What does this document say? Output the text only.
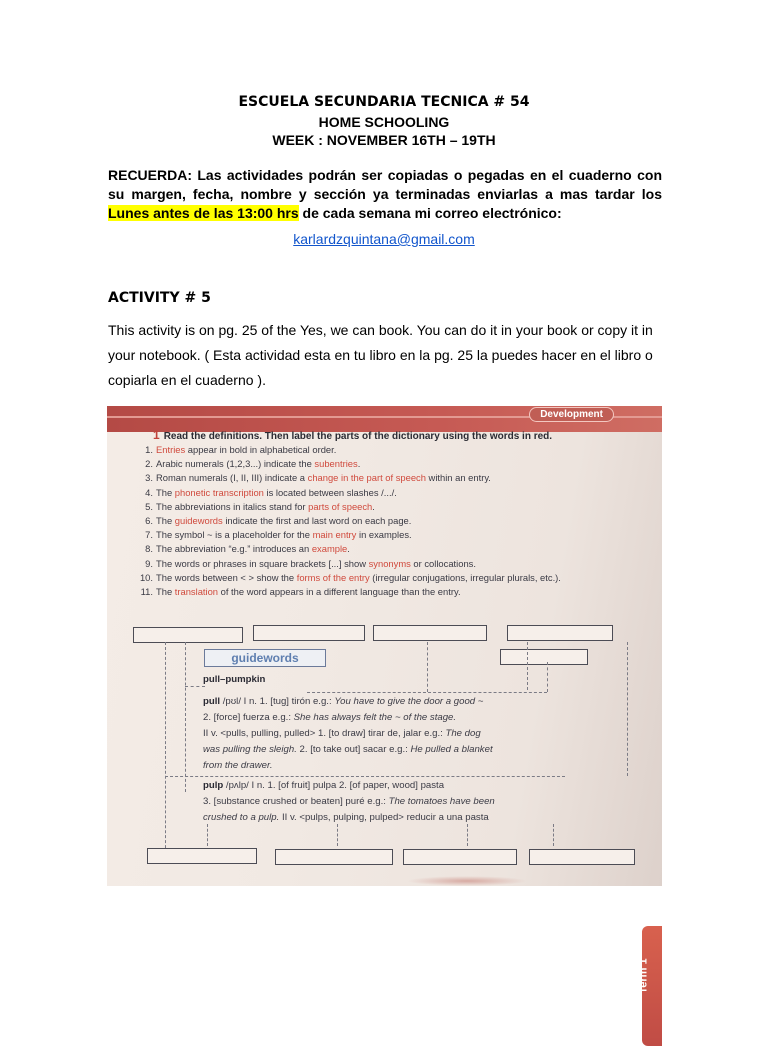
ESCUELA SECUNDARIA TECNICA # 54
HOME SCHOOLING
WEEK : NOVEMBER 16TH – 19TH
RECUERDA: Las actividades podrán ser copiadas o pegadas en el cuaderno con su margen, fecha, nombre y sección ya terminadas enviarlas a mas tardar los Lunes antes de las 13:00 hrs de cada semana mi correo electrónico:
karlardzquintana@gmail.com
ACTIVITY # 5
This activity is on pg. 25 of the Yes, we can book. You can do it in your book or copy it in your notebook. ( Esta actividad esta en tu libro en la pg. 25 la puedes hacer en el libro o copiarla en el cuaderno ).
Development
Term 1
1 Read the definitions. Then label the parts of the dictionary using the words in red.
1. Entries appear in bold in alphabetical order.
2. Arabic numerals (1,2,3...) indicate the subentries.
3. Roman numerals (I, II, III) indicate a change in the part of speech within an entry.
4. The phonetic transcription is located between slashes /.../.
5. The abbreviations in italics stand for parts of speech.
6. The guidewords indicate the first and last word on each page.
7. The symbol ~ is a placeholder for the main entry in examples.
8. The abbreviation “e.g.” introduces an example.
9. The words or phrases in square brackets [...] show synonyms or collocations.
10. The words between < > show the forms of the entry (irregular conjugations, irregular plurals, etc.).
11. The translation of the word appears in a different language than the entry.
guidewords
pull–pumpkin
pull /pʊl/ I n. 1. [tug] tirón e.g.: You have to give the door a good ~
2. [force] fuerza e.g.: She has always felt the ~ of the stage.
II v. <pulls, pulling, pulled> 1. [to draw] tirar de, jalar e.g.: The dog
was pulling the sleigh. 2. [to take out] sacar e.g.: He pulled a blanket
from the drawer.
pulp /pʌlp/ I n. 1. [of fruit] pulpa 2. [of paper, wood] pasta
3. [substance crushed or beaten] puré e.g.: The tomatoes have been
crushed to a pulp. II v. <pulps, pulping, pulped> reducir a una pasta
